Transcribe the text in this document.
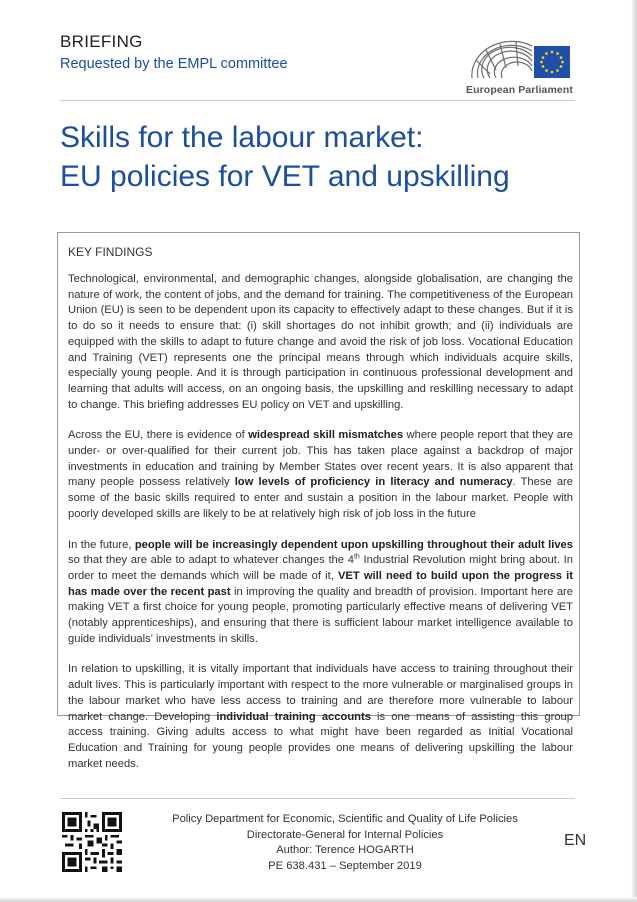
BRIEFING
Requested by the EMPL committee
European Parliament
Skills for the labour market:
EU policies for VET and upskilling
KEY FINDINGS

Technological, environmental, and demographic changes, alongside globalisation, are changing the nature of work, the content of jobs, and the demand for training. The competitiveness of the European Union (EU) is seen to be dependent upon its capacity to effectively adapt to these changes. But if it is to do so it needs to ensure that: (i) skill shortages do not inhibit growth; and (ii) individuals are equipped with the skills to adapt to future change and avoid the risk of job loss. Vocational Education and Training (VET) represents one the principal means through which individuals acquire skills, especially young people. And it is through participation in continuous professional development and learning that adults will access, on an ongoing basis, the upskilling and reskilling necessary to adapt to change. This briefing addresses EU policy on VET and upskilling.

Across the EU, there is evidence of widespread skill mismatches where people report that they are under- or over-qualified for their current job. This has taken place against a backdrop of major investments in education and training by Member States over recent years. It is also apparent that many people possess relatively low levels of proficiency in literacy and numeracy. These are some of the basic skills required to enter and sustain a position in the labour market. People with poorly developed skills are likely to be at relatively high risk of job loss in the future

In the future, people will be increasingly dependent upon upskilling throughout their adult lives so that they are able to adapt to whatever changes the 4th Industrial Revolution might bring about. In order to meet the demands which will be made of it, VET will need to build upon the progress it has made over the recent past in improving the quality and breadth of provision. Important here are making VET a first choice for young people, promoting particularly effective means of delivering VET (notably apprenticeships), and ensuring that there is sufficient labour market intelligence available to guide individuals' investments in skills.

In relation to upskilling, it is vitally important that individuals have access to training throughout their adult lives. This is particularly important with respect to the more vulnerable or marginalised groups in the labour market who have less access to training and are therefore more vulnerable to labour market change. Developing individual training accounts is one means of assisting this group access training. Giving adults access to what might have been regarded as Initial Vocational Education and Training for young people provides one means of delivering upskilling the labour market needs.

Policy Department for Economic, Scientific and Quality of Life Policies
Directorate-General for Internal Policies
Author: Terence HOGARTH
PE 638.431 – September 2019
EN
